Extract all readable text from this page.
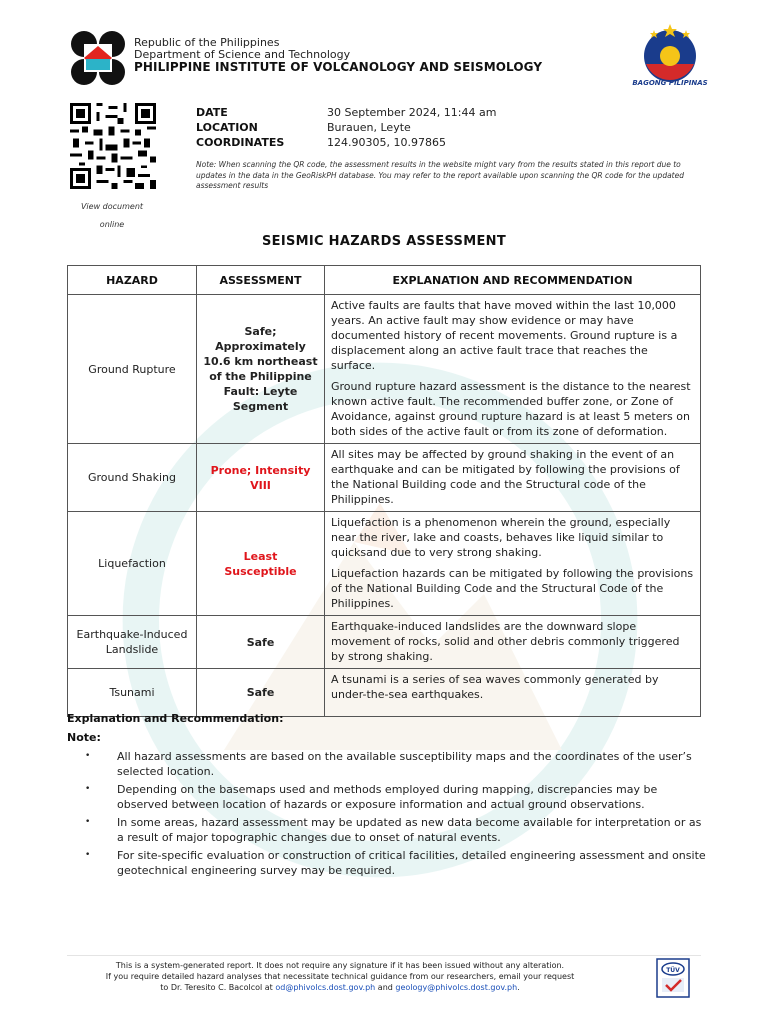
Republic of the Philippines
Department of Science and Technology
PHILIPPINE INSTITUTE OF VOLCANOLOGY AND SEISMOLOGY
BAGONG PILIPINAS
View document
online
DATE	30 September 2024, 11:44 am
LOCATION	Burauen, Leyte
COORDINATES	124.90305, 10.97865
Note: When scanning the QR code, the assessment results in the website might vary from the results stated in this report due to updates in the data in the GeoRiskPH database. You may refer to the report available upon scanning the QR code for the updated assessment results
SEISMIC HAZARDS ASSESSMENT
HAZARD	ASSESSMENT	EXPLANATION AND RECOMMENDATION
Ground Rupture	Safe; Approximately 10.6 km northeast of the Philippine Fault: Leyte Segment	Active faults are faults that have moved within the last 10,000 years. An active fault may show evidence or may have documented history of recent movements. Ground rupture is a displacement along an active fault trace that reaches the surface.

Ground rupture hazard assessment is the distance to the nearest known active fault. The recommended buffer zone, or Zone of Avoidance, against ground rupture hazard is at least 5 meters on both sides of the active fault or from its zone of deformation.

Ground Shaking	Prone; Intensity VIII	All sites may be affected by ground shaking in the event of an earthquake and can be mitigated by following the provisions of the National Building code and the Structural code of the Philippines.

Liquefaction	Least Susceptible	Liquefaction is a phenomenon wherein the ground, especially near the river, lake and coasts, behaves like liquid similar to quicksand due to very strong shaking.

Liquefaction hazards can be mitigated by following the provisions of the National Building Code and the Structural Code of the Philippines.

Earthquake-Induced Landslide	Safe	Earthquake-induced landslides are the downward slope movement of rocks, solid and other debris commonly triggered by strong shaking.

Tsunami	Safe	A tsunami is a series of sea waves commonly generated by under-the-sea earthquakes.

Explanation and Recommendation:
Note:
• All hazard assessments are based on the available susceptibility maps and the coordinates of the user’s selected location.
• Depending on the basemaps used and methods employed during mapping, discrepancies may be observed between location of hazards or exposure information and actual ground observations.
• In some areas, hazard assessment may be updated as new data become available for interpretation or as a result of major topographic changes due to onset of natural events.
• For site-specific evaluation or construction of critical facilities, detailed engineering assessment and onsite geotechnical engineering survey may be required.
This is a system-generated report. It does not require any signature if it has been issued without any alteration.
If you require detailed hazard analyses that necessitate technical guidance from our researchers, email your request
to Dr. Teresito C. Bacolcol at od@phivolcs.dost.gov.ph and geology@phivolcs.dost.gov.ph.
TÜV
